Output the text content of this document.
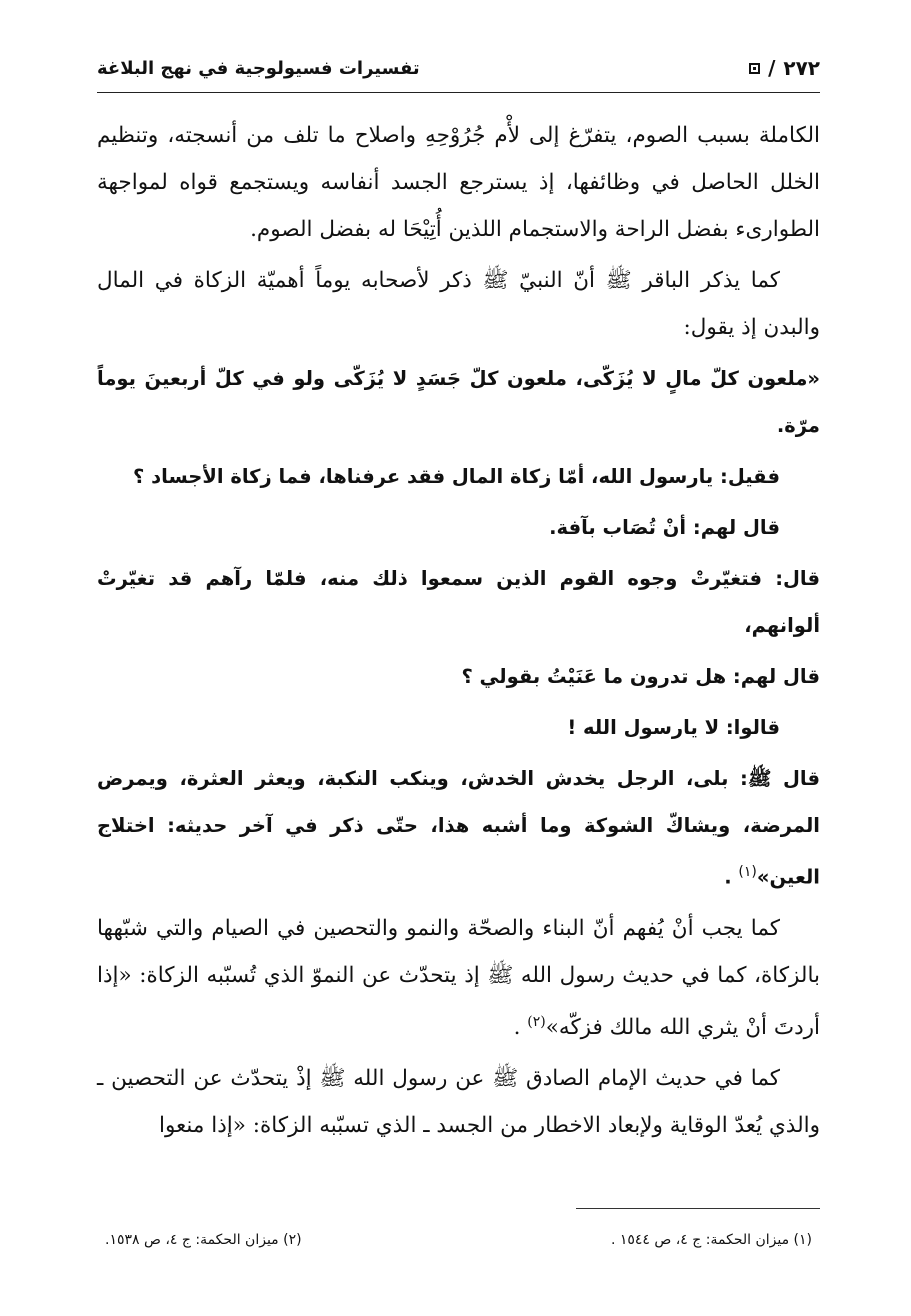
٢٧٢
/
تفسيرات فسيولوجية في نهج البلاغة

الكاملة بسبب الصوم، يتفرّغ إلى لأْم جُرُوْحِهِ واصلاح ما تلف من أنسجته، وتنظيم الخلل الحاصل في وظائفها، إذ يسترجع الجسد أنفاسه ويستجمع قواه لمواجهة الطوارىء بفضل الراحة والاستجمام اللذين أُتِيْحَا له بفضل الصوم.

كما يذكر الباقر ﷺ أنّ النبيّ ﷺ ذكر لأصحابه يوماً أهميّة الزكاة في المال والبدن إذ يقول:

«ملعون كلّ مالٍ لا يُزَكّى، ملعون كلّ جَسَدٍ لا يُزَكّى ولو في كلّ أربعينَ يوماً مرّة.

فقيل: يارسول الله، أمّا زكاة المال فقد عرفناها، فما زكاة الأجساد ؟

قال لهم: أنْ تُصَاب بآفة.

قال: فتغيّرتْ وجوه القوم الذين سمعوا ذلك منه، فلمّا رآهم قد تغيّرتْ ألوانهم،

قال لهم: هل تدرون ما عَنَيْتُ بقولي ؟

قالوا: لا يارسول الله !

قال ﷺ: بلى، الرجل يخدش الخدش، وينكب النكبة، ويعثر العثرة، ويمرض المرضة، ويشاكّ الشوكة وما أشبه هذا، حتّى ذكر في آخر حديثه: اختلاج العين»$^{(١)}$ .

كما يجب أنْ يُفهم أنّ البناء والصحّة والنمو والتحصين في الصيام والتي شبّهها بالزكاة، كما في حديث رسول الله ﷺ إذ يتحدّث عن النموّ الذي تُسبّبه الزكاة: «إذا أردتَ أنْ يثري الله مالك فزكّه»$^{(٢)}$ .

كما في حديث الإمام الصادق ﷺ عن رسول الله ﷺ إذْ يتحدّث عن التحصين ـ والذي يُعدّ الوقاية ولإبعاد الاخطار من الجسد ـ الذي تسبّبه الزكاة: «إذا منعوا

(١) ميزان الحكمة: ج ٤، ص ١٥٤٤ .
(٢) ميزان الحكمة: ج ٤، ص ١٥٣٨.
